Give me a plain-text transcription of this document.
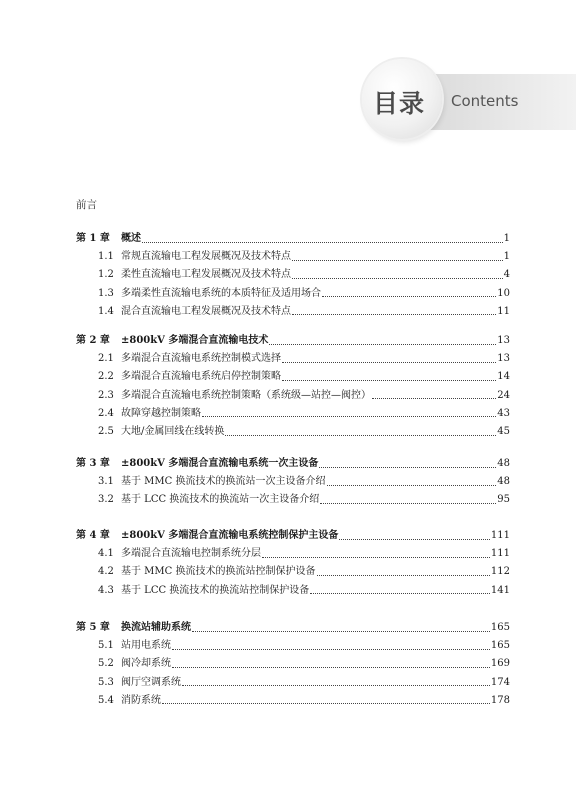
目录	Contents
前言
第 1 章 概述	1
1.1 常规直流输电工程发展概况及技术特点	1
1.2 柔性直流输电工程发展概况及技术特点	4
1.3 多端柔性直流输电系统的本质特征及适用场合	10
1.4 混合直流输电工程发展概况及技术特点	11
第 2 章 ±800kV 多端混合直流输电技术	13
2.1 多端混合直流输电系统控制模式选择	13
2.2 多端混合直流输电系统启停控制策略	14
2.3 多端混合直流输电系统控制策略（系统级—站控—阀控）	24
2.4 故障穿越控制策略	43
2.5 大地/金属回线在线转换	45
第 3 章 ±800kV 多端混合直流输电系统一次主设备	48
3.1 基于 MMC 换流技术的换流站一次主设备介绍	48
3.2 基于 LCC 换流技术的换流站一次主设备介绍	95
第 4 章 ±800kV 多端混合直流输电系统控制保护主设备	111
4.1 多端混合直流输电控制系统分层	111
4.2 基于 MMC 换流技术的换流站控制保护设备	112
4.3 基于 LCC 换流技术的换流站控制保护设备	141
第 5 章 换流站辅助系统	165
5.1 站用电系统	165
5.2 阀冷却系统	169
5.3 阀厅空调系统	174
5.4 消防系统	178
